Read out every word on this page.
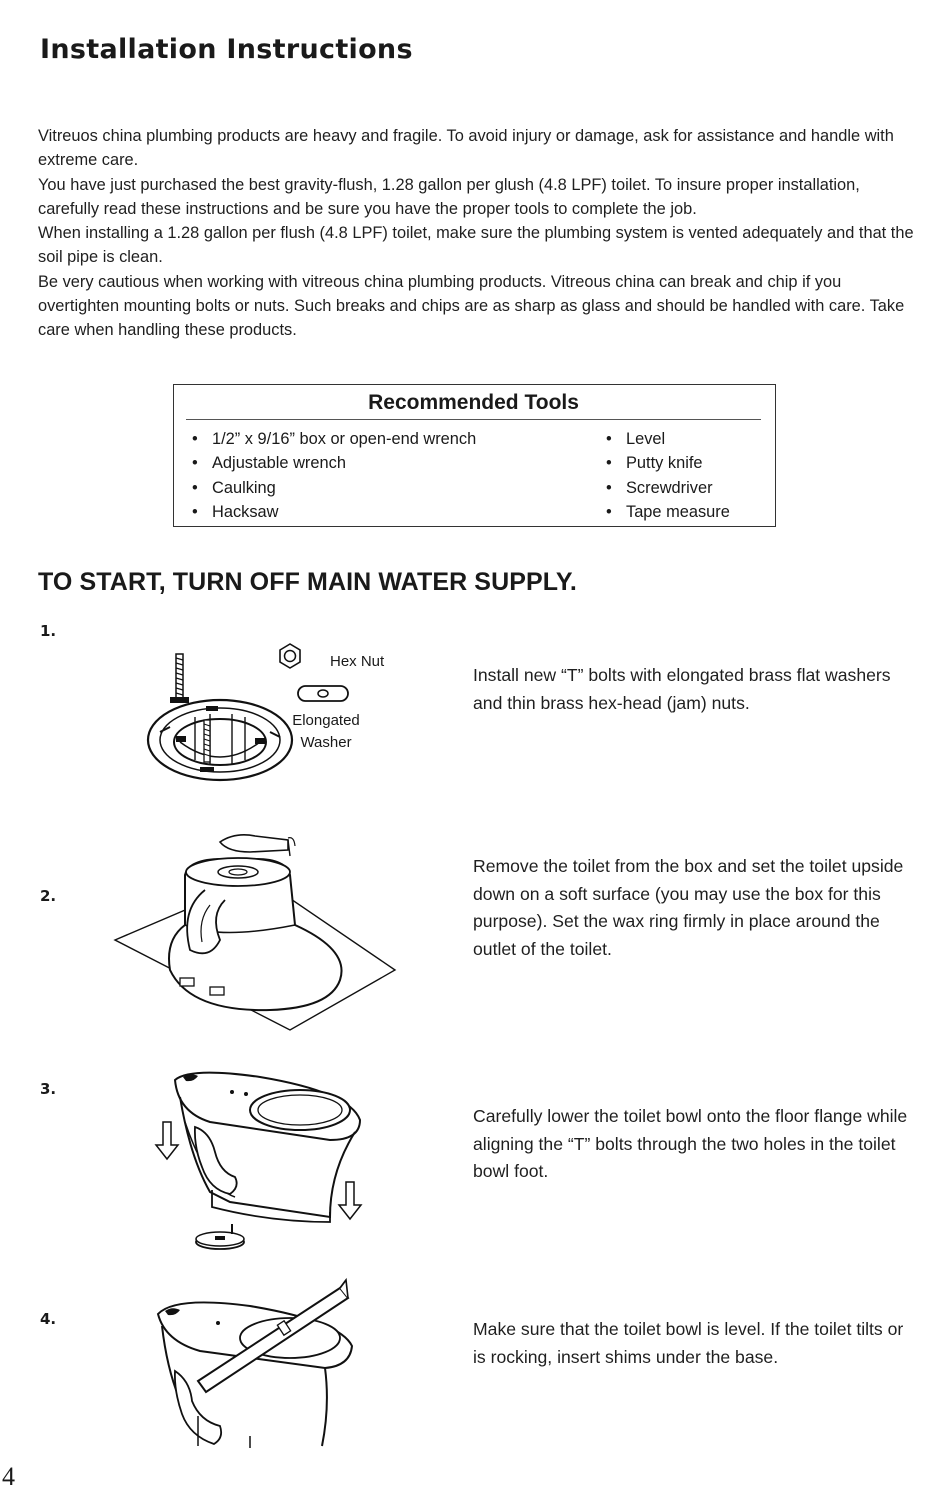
Installation Instructions

Vitreuos china plumbing products are heavy and fragile. To avoid injury or damage, ask for assistance and handle with extreme care.

You have just purchased the best gravity-flush, 1.28 gallon per glush (4.8 LPF) toilet. To insure proper installation, carefully read these instructions and be sure you have the proper tools to complete the job.

When installing a 1.28 gallon per flush (4.8 LPF) toilet, make sure the plumbing system is vented adequately and that the soil pipe is clean.

Be very cautious when working with vitreous china plumbing products. Vitreous china can break and chip if you overtighten mounting bolts or nuts. Such breaks and chips are as sharp as glass and should be handled with care. Take care when handling these products.

Recommended Tools
• 1/2” x 9/16” box or open-end wrench
• Adjustable wrench
• Caulking
• Hacksaw
• Level
• Putty knife
• Screwdriver
• Tape measure
TO START, TURN OFF MAIN WATER SUPPLY.
1.
Hex Nut
Elongated
Washer
Install new “T” bolts with elongated brass flat washers and thin brass hex-head (jam) nuts.
2.
Remove the toilet from the box and set the toilet upside down on a soft surface (you may use the box for this purpose). Set the wax ring firmly in place around the outlet of the toilet.
3.
Carefully lower the toilet bowl onto the floor flange while aligning the “T” bolts through the two holes in the toilet bowl foot.
4.	Make sure that the toilet bowl is level. If the toilet tilts or is rocking, insert shims under the base.
4
